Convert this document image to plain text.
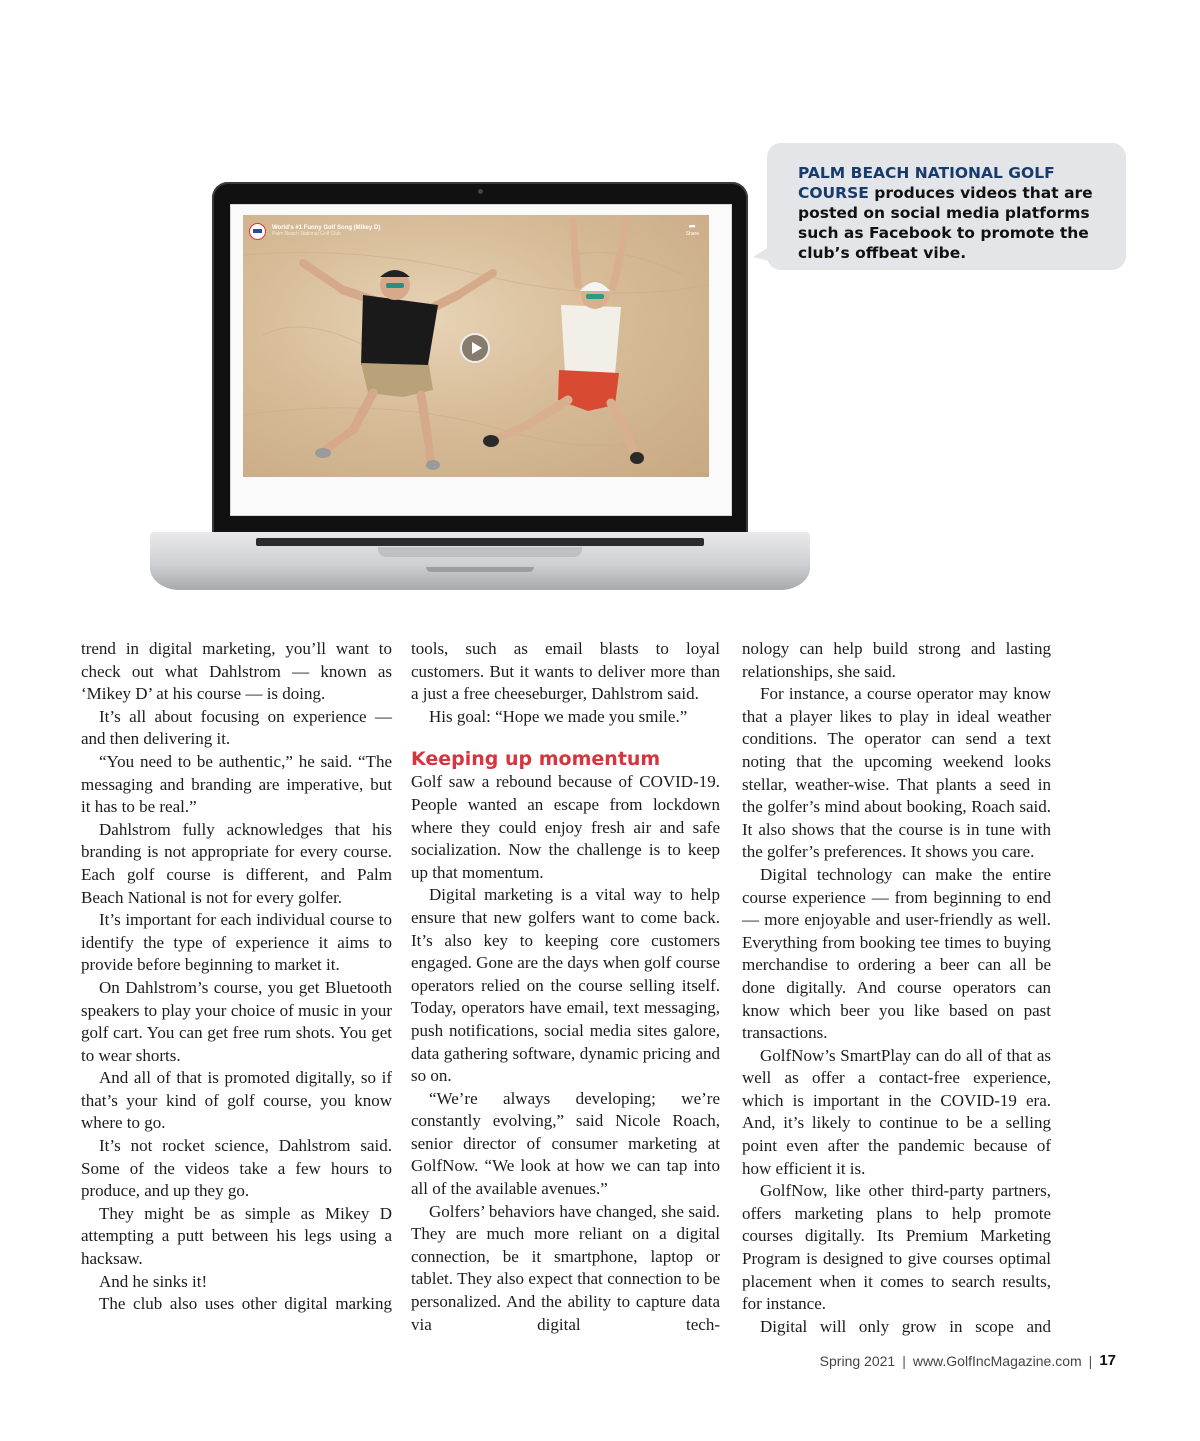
World's #1 Funny Golf Song (Mikey D)
Palm Beach National Golf Club
➦
Share
PALM BEACH NATIONAL GOLF COURSE produces videos that are posted on social media platforms such as Facebook to promote the club’s offbeat vibe.

trend in digital marketing, you’ll want to check out what Dahlstrom — known as ‘Mikey D’ at his course — is doing.

It’s all about focusing on experience — and then delivering it.

“You need to be authentic,” he said. “The messaging and branding are imperative, but it has to be real.”

Dahlstrom fully acknowledges that his branding is not appropriate for every course. Each golf course is different, and Palm Beach National is not for every golfer.

It’s important for each individual course to identify the type of experience it aims to provide before beginning to market it.

On Dahlstrom’s course, you get Bluetooth speakers to play your choice of music in your golf cart. You can get free rum shots. You get to wear shorts.

And all of that is promoted digitally, so if that’s your kind of golf course, you know where to go.

It’s not rocket science, Dahlstrom said. Some of the videos take a few hours to produce, and up they go.

They might be as simple as Mikey D attempting a putt between his legs using a hacksaw.

And he sinks it!

The club also uses other digital marking

tools, such as email blasts to loyal customers. But it wants to deliver more than a just a free cheeseburger, Dahlstrom said.

His goal: “Hope we made you smile.”

Keeping up momentum

Golf saw a rebound because of COVID-19. People wanted an escape from lockdown where they could enjoy fresh air and safe socialization. Now the challenge is to keep up that momentum.

Digital marketing is a vital way to help ensure that new golfers want to come back. It’s also key to keeping core customers engaged. Gone are the days when golf course operators relied on the course selling itself. Today, operators have email, text messaging, push notifications, social media sites galore, data gathering software, dynamic pricing and so on.

“We’re always developing; we’re constantly evolving,” said Nicole Roach, senior director of consumer marketing at GolfNow. “We look at how we can tap into all of the available avenues.”

Golfers’ behaviors have changed, she said. They are much more reliant on a digital connection, be it smartphone, laptop or tablet. They also expect that connection to be personalized. And the ability to capture data via digital tech-

nology can help build strong and lasting relationships, she said.

For instance, a course operator may know that a player likes to play in ideal weather conditions. The operator can send a text noting that the upcoming weekend looks stellar, weather-wise. That plants a seed in the golfer’s mind about booking, Roach said. It also shows that the course is in tune with the golfer’s preferences. It shows you care.

Digital technology can make the entire course experience — from beginning to end — more enjoyable and user-friendly as well. Everything from booking tee times to buying merchandise to ordering a beer can all be done digitally. And course operators can know which beer you like based on past transactions.

GolfNow’s SmartPlay can do all of that as well as offer a contact-free experience, which is important in the COVID-19 era. And, it’s likely to continue to be a selling point even after the pandemic because of how efficient it is.

GolfNow, like other third-party partners, offers marketing plans to help promote courses digitally. Its Premium Marketing Program is designed to give courses optimal placement when it comes to search results, for instance.

Digital will only grow in scope and

Spring 2021 | www.GolfIncMagazine.com | 17
